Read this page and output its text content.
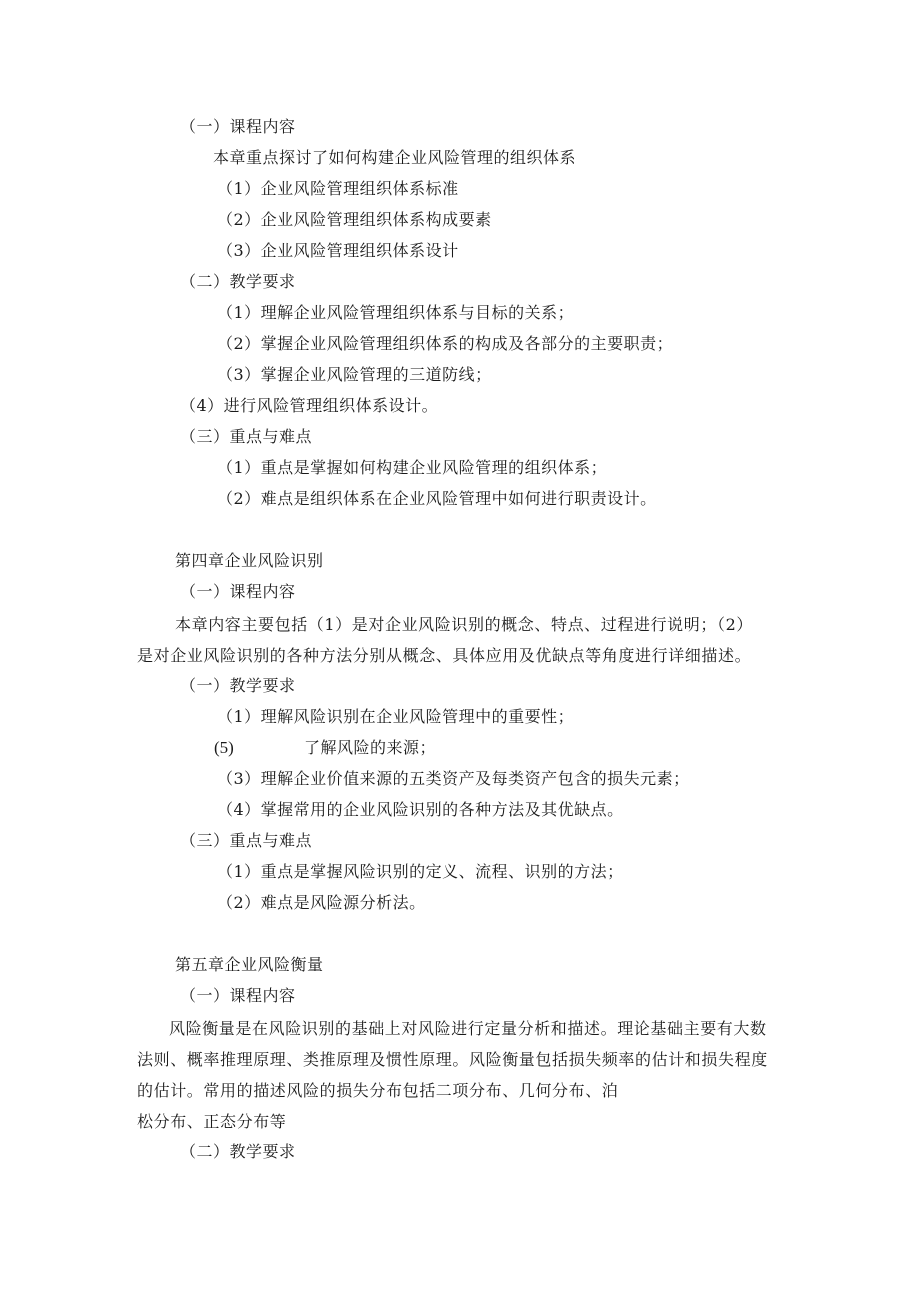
（一）课程内容
本章重点探讨了如何构建企业风险管理的组织体系
（1）企业风险管理组织体系标准
（2）企业风险管理组织体系构成要素
（3）企业风险管理组织体系设计
（二）教学要求
（1）理解企业风险管理组织体系与目标的关系；
（2）掌握企业风险管理组织体系的构成及各部分的主要职责；
（3）掌握企业风险管理的三道防线；
（4）进行风险管理组织体系设计。
（三）重点与难点
（1）重点是掌握如何构建企业风险管理的组织体系；
（2）难点是组织体系在企业风险管理中如何进行职责设计。
第四章企业风险识别
（一）课程内容
本章内容主要包括（1）是对企业风险识别的概念、特点、过程进行说明；（2）
是对企业风险识别的各种方法分别从概念、具体应用及优缺点等角度进行详细描述。
（一）教学要求
（1）理解风险识别在企业风险管理中的重要性；
(5)	了解风险的来源；
（3）理解企业价值来源的五类资产及每类资产包含的损失元素；
（4）掌握常用的企业风险识别的各种方法及其优缺点。
（三）重点与难点
（1）重点是掌握风险识别的定义、流程、识别的方法；
（2）难点是风险源分析法。
第五章企业风险衡量
（一）课程内容
风险衡量是在风险识别的基础上对风险进行定量分析和描述。理论基础主要有大数
法则、概率推理原理、类推原理及惯性原理。风险衡量包括损失频率的估计和损失程度
的估计。常用的描述风险的损失分布包括二项分布、几何分布、泊
松分布、正态分布等
（二）教学要求
